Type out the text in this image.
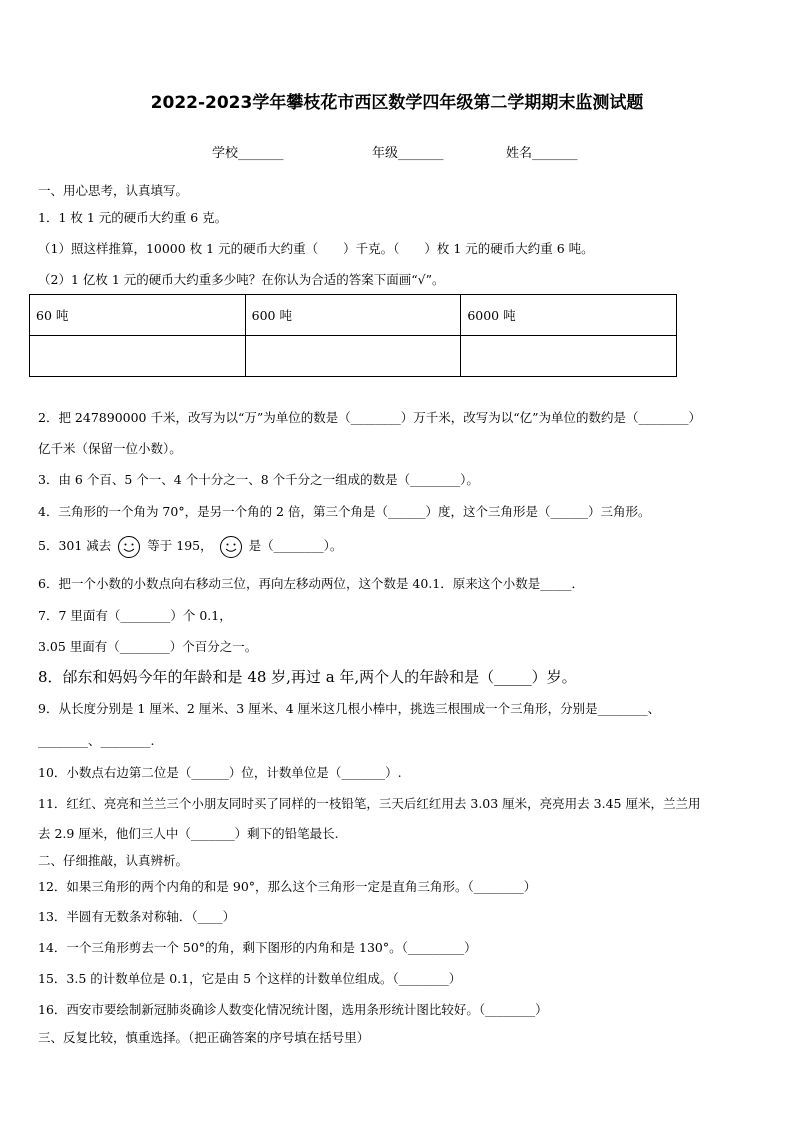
2022-2023学年攀枝花市西区数学四年级第二学期期末监测试题
学校_______	年级_______	姓名_______
一、用心思考，认真填写。
1．1 枚 1 元的硬币大约重 6 克。
（1）照这样推算，10000 枚 1 元的硬币大约重（　　）千克。（　　）枚 1 元的硬币大约重 6 吨。
（2）1 亿枚 1 元的硬币大约重多少吨？在你认为合适的答案下面画“√”。
60 吨	600 吨	6000 吨

2．把 247890000 千米，改写为以“万”为单位的数是（________）万千米，改写为以“亿”为单位的数约是（________）
亿千米（保留一位小数）。
3．由 6 个百、5 个一、4 个十分之一、8 个千分之一组成的数是（________）。
4．三角形的一个角为 70°，是另一个角的 2 倍，第三个角是（______）度，这个三角形是（______）三角形。
5．301 减去	等于 195，	是（________）。
6．把一个小数的小数点向右移动三位，再向左移动两位，这个数是 40.1．原来这个小数是_____．
7．7 里面有（________）个 0.1，
3.05 里面有（________）个百分之一。
8．邰东和妈妈今年的年龄和是 48 岁,再过 a 年,两个人的年龄和是（_____）岁。
9．从长度分别是 1 厘米、2 厘米、3 厘米、4 厘米这几根小棒中，挑选三根围成一个三角形，分别是________、
________、________.
10．小数点右边第二位是（______）位，计数单位是（_______）.
11．红红、亮亮和兰兰三个小朋友同时买了同样的一枝铅笔，三天后红红用去 3.03 厘米，亮亮用去 3.45 厘米，兰兰用
去 2.9 厘米，他们三人中（_______）剩下的铅笔最长.
二、仔细推敲，认真辨析。
12．如果三角形的两个内角的和是 90°，那么这个三角形一定是直角三角形。（________）
13．半圆有无数条对称轴．（____）
14．一个三角形剪去一个 50°的角，剩下图形的内角和是 130°。（_________）
15．3.5 的计数单位是 0.1，它是由 5 个这样的计数单位组成。（________）
16．西安市要绘制新冠肺炎确诊人数变化情况统计图，选用条形统计图比较好。（________）
三、反复比较，慎重选择。（把正确答案的序号填在括号里）
